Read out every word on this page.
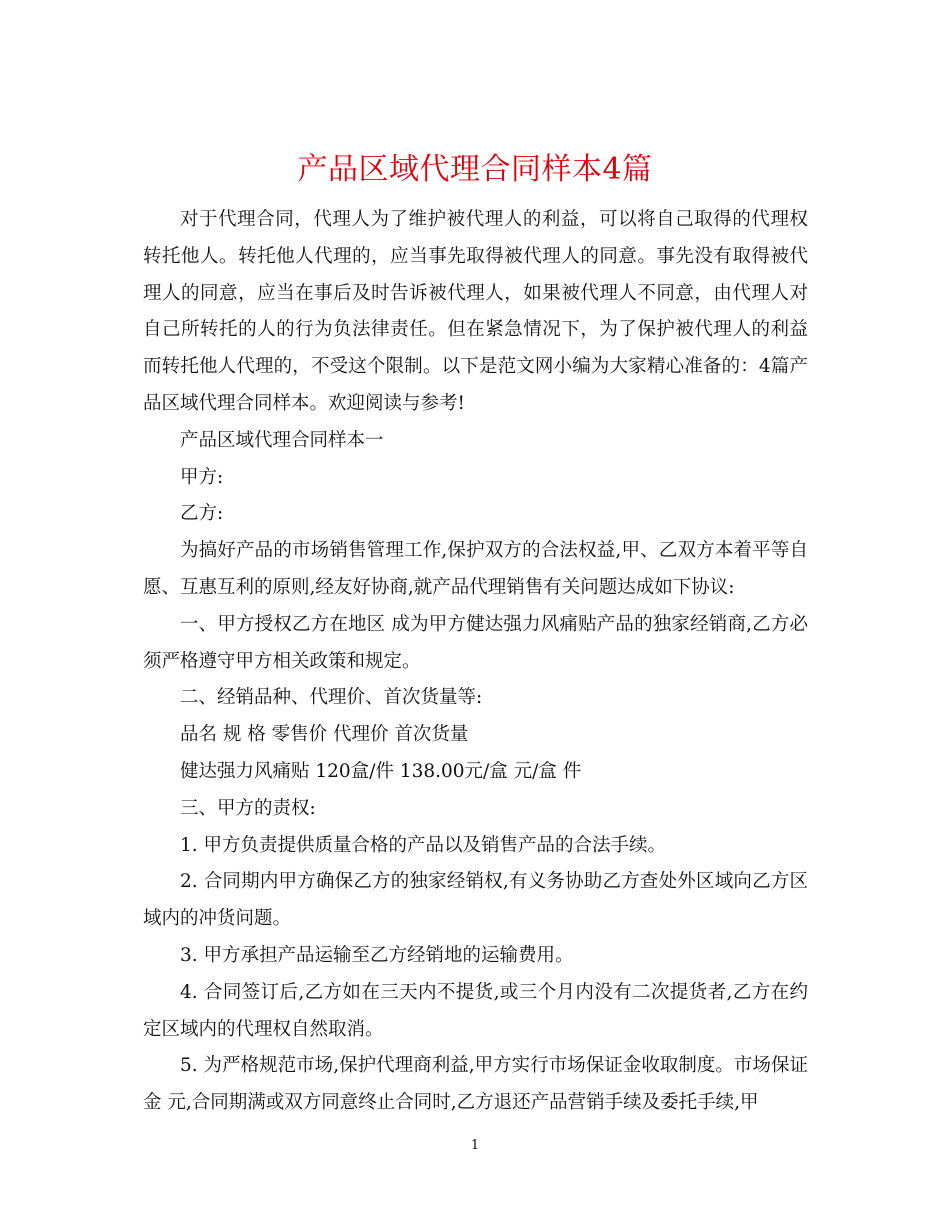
产品区域代理合同样本4篇

对于代理合同，代理人为了维护被代理人的利益，可以将自己取得的代理权转托他人。转托他人代理的，应当事先取得被代理人的同意。事先没有取得被代理人的同意，应当在事后及时告诉被代理人，如果被代理人不同意，由代理人对自己所转托的人的行为负法律责任。但在紧急情况下，为了保护被代理人的利益而转托他人代理的，不受这个限制。以下是范文网小编为大家精心准备的：4篇产品区域代理合同样本。欢迎阅读与参考!

产品区域代理合同样本一

甲方:

乙方:

为搞好产品的市场销售管理工作,保护双方的合法权益,甲、乙双方本着平等自愿、互惠互利的原则,经友好协商,就产品代理销售有关问题达成如下协议:

一、甲方授权乙方在地区 成为甲方健达强力风痛贴产品的独家经销商,乙方必须严格遵守甲方相关政策和规定。

二、经销品种、代理价、首次货量等:

品名 规 格 零售价 代理价 首次货量

健达强力风痛贴 120盒/件 138.00元/盒 元/盒 件

三、甲方的责权:

1. 甲方负责提供质量合格的产品以及销售产品的合法手续。

2. 合同期内甲方确保乙方的独家经销权,有义务协助乙方查处外区域向乙方区域内的冲货问题。

3. 甲方承担产品运输至乙方经销地的运输费用。

4. 合同签订后,乙方如在三天内不提货,或三个月内没有二次提货者,乙方在约定区域内的代理权自然取消。

5. 为严格规范市场,保护代理商利益,甲方实行市场保证金收取制度。市场保证金 元,合同期满或双方同意终止合同时,乙方退还产品营销手续及委托手续,甲

1
